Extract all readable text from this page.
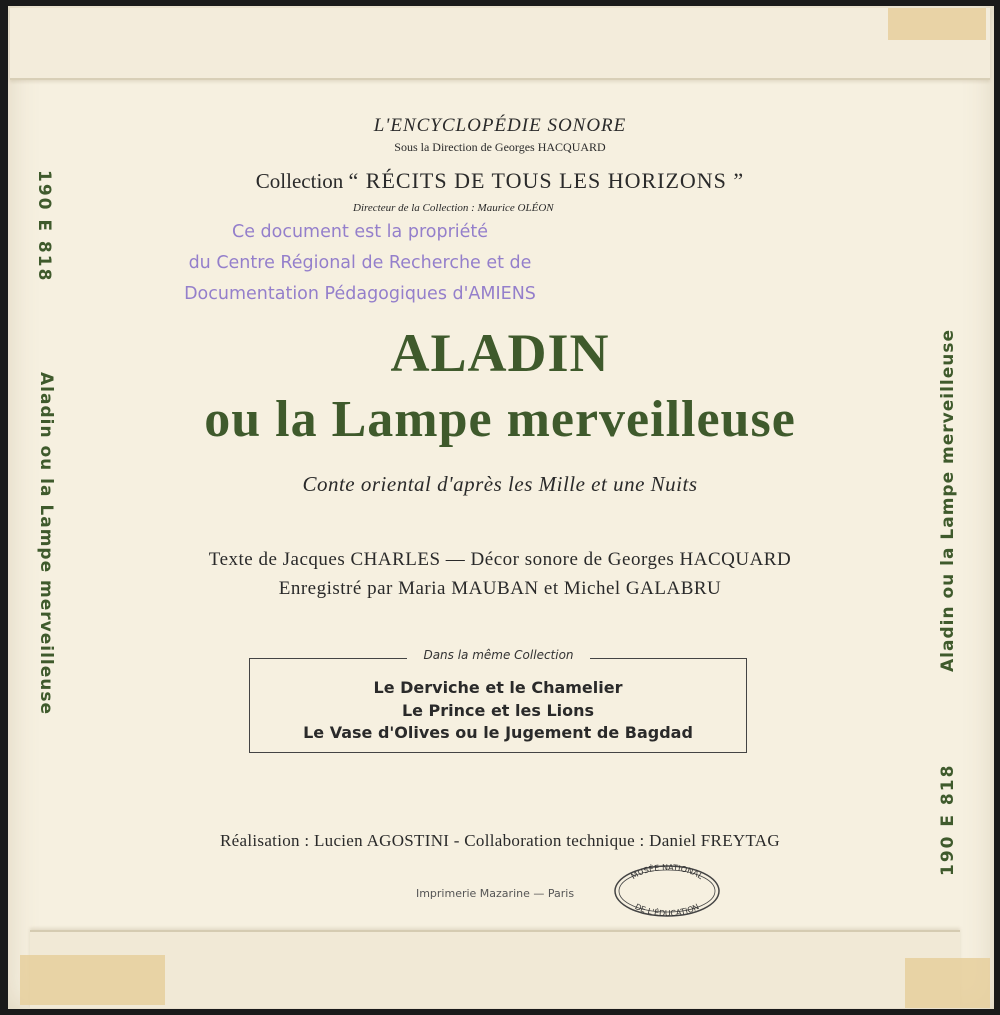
L'ENCYCLOPÉDIE SONORE
Sous la Direction de Georges HACQUARD
Collection “ RÉCITS DE TOUS LES HORIZONS ”
Directeur de la Collection : Maurice OLÉON
Ce document est la propriété
du Centre Régional de Recherche et de
Documentation Pédagogiques d'AMIENS
ALADIN
ou la Lampe merveilleuse
Conte oriental d'après les Mille et une Nuits
Texte de Jacques CHARLES — Décor sonore de Georges HACQUARD
Enregistré par Maria MAUBAN et Michel GALABRU
Dans la même Collection
Le Derviche et le Chamelier
Le Prince et les Lions
Le Vase d'Olives ou le Jugement de Bagdad
Réalisation : Lucien AGOSTINI - Collaboration technique : Daniel FREYTAG
Imprimerie Mazarine — Paris
MUSÉE NATIONAL
DE L'ÉDUCATION
190 E 818
Aladin ou la Lampe merveilleuse	Aladin ou la Lampe merveilleuse
190 E 818
